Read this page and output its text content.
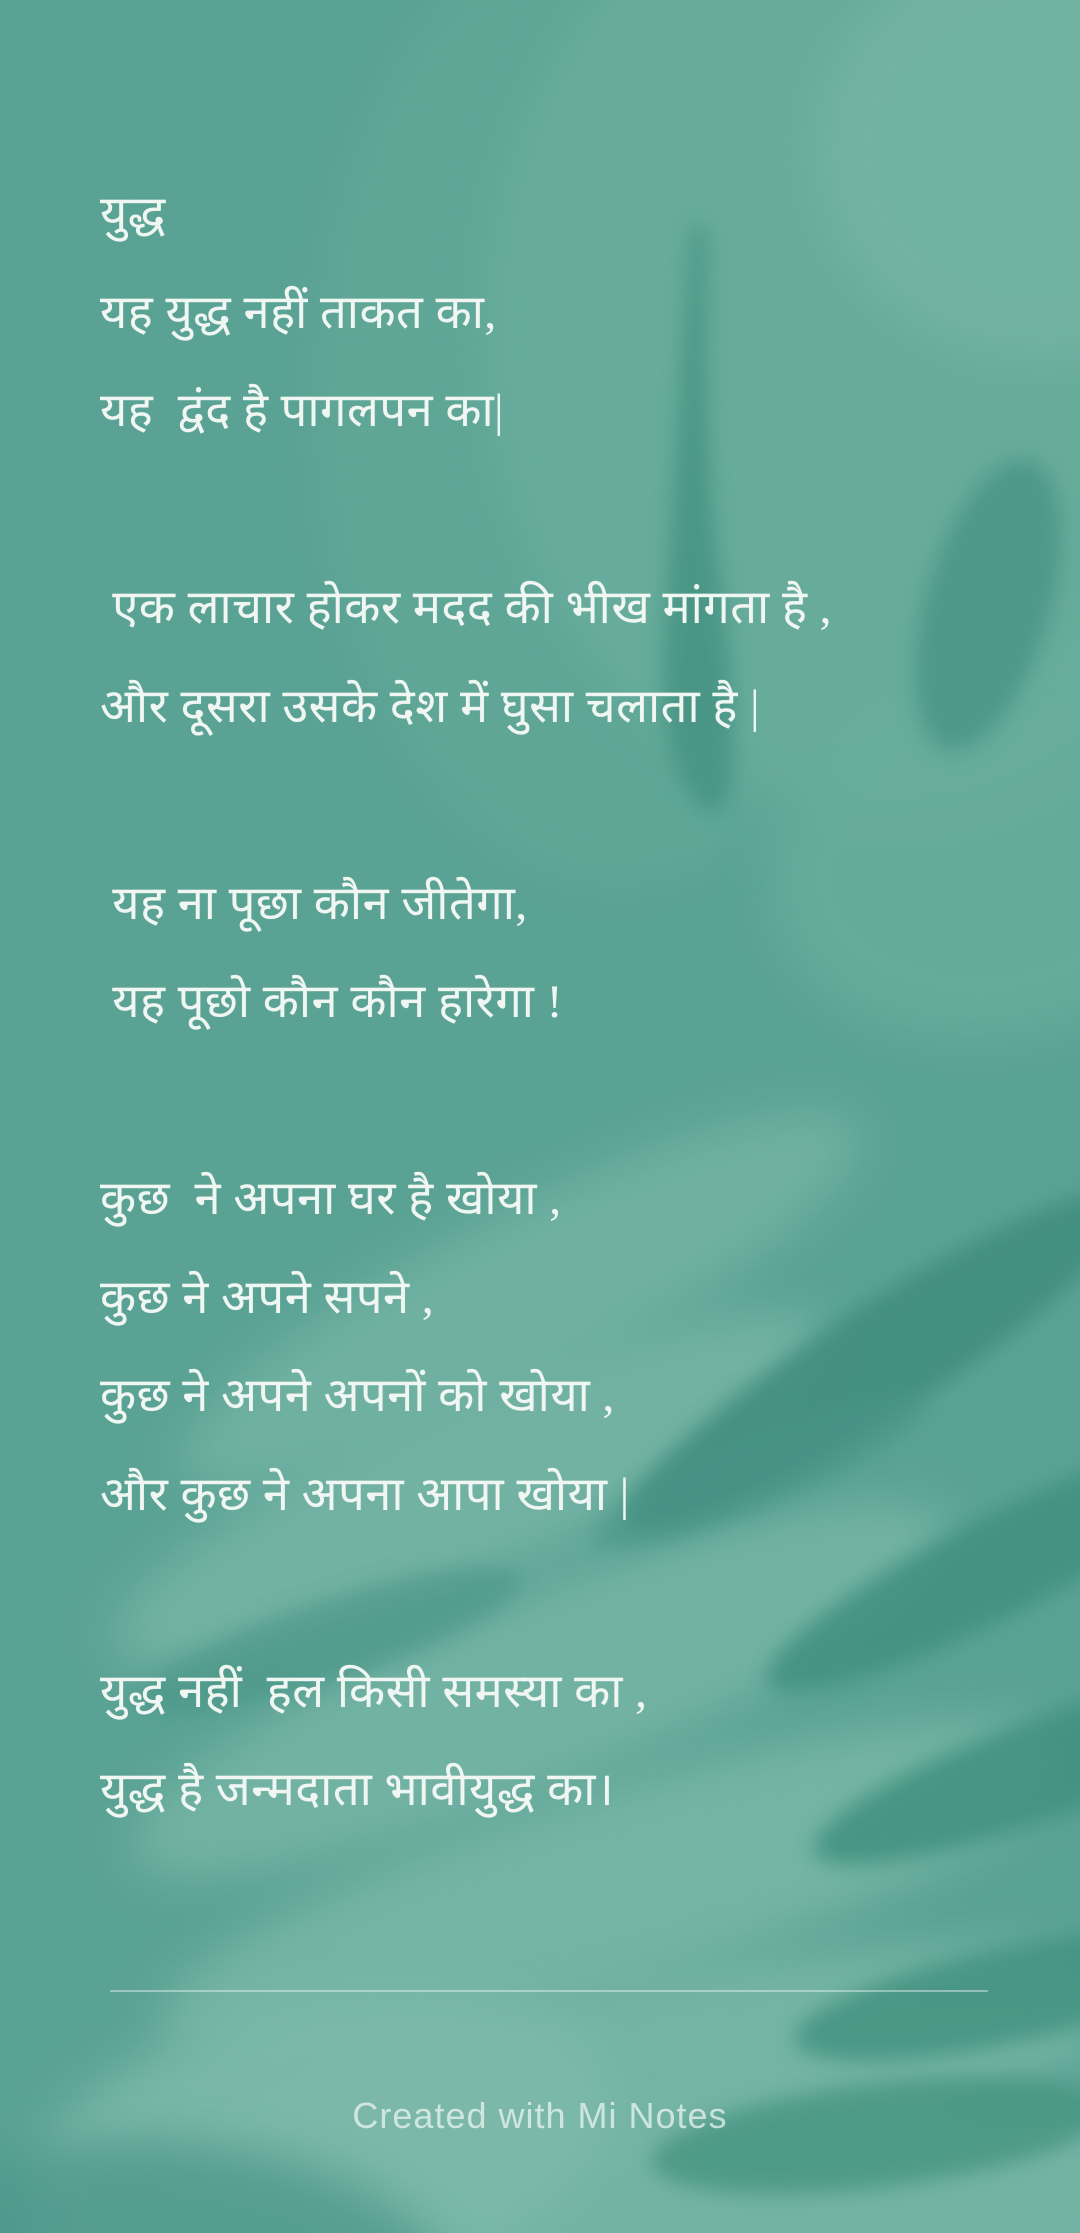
युद्ध
यह युद्ध नहीं ताकत का,
यह  द्वंद है पागलपन का|
एक लाचार होकर मदद की भीख मांगता है ,
और दूसरा उसके देश में घुसा चलाता है |
यह ना पूछा कौन जीतेगा,
यह पूछो कौन कौन हारेगा !
कुछ  ने अपना घर है खोया ,
कुछ ने अपने सपने ,
कुछ ने अपने अपनों को खोया ,
और कुछ ने अपना आपा खोया |
युद्ध नहीं  हल किसी समस्या का ,
युद्ध है जन्मदाता भावीयुद्ध का।
Created with Mi Notes
